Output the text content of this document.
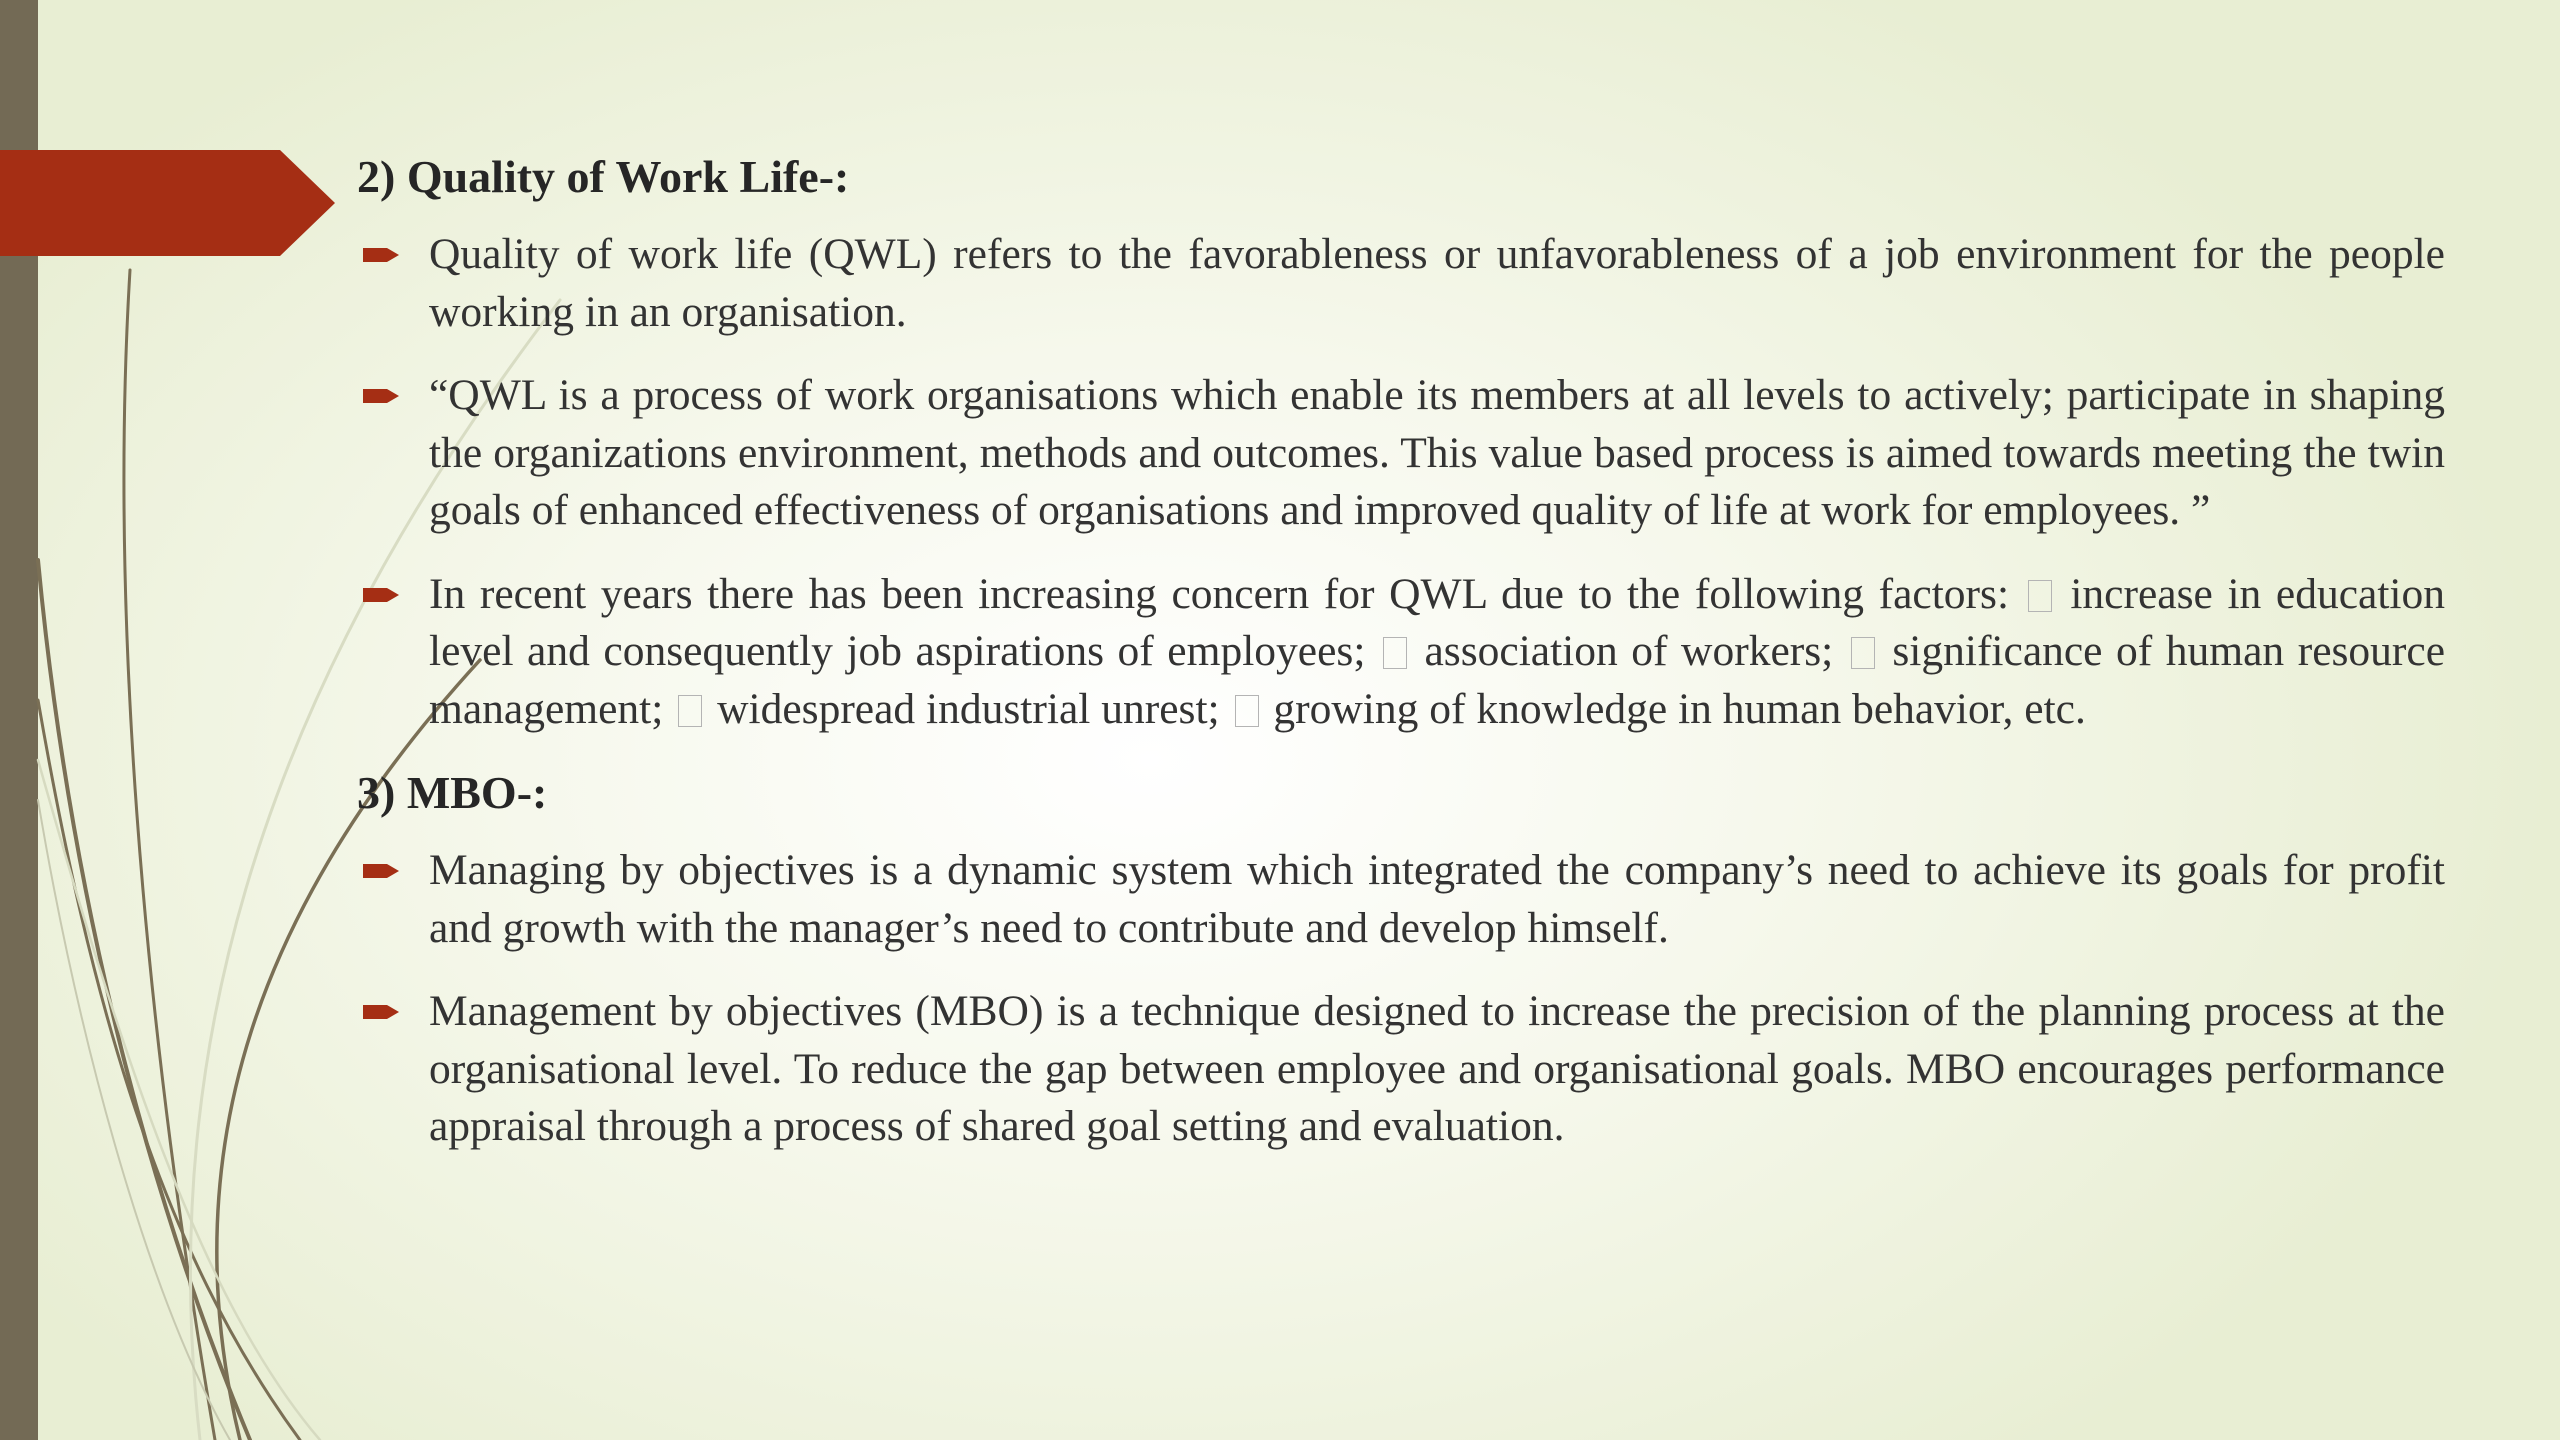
2) Quality of Work Life-:
Quality of work life (QWL) refers to the favorableness or unfavorableness of a job environment for the people working in an organisation.
“QWL is a process of work organisations which enable its members at all levels to actively; participate in shaping the organizations environment, methods and outcomes. This value based process is aimed towards meeting the twin goals of enhanced effectiveness of organisations and improved quality of life at work for employees. ”
In recent years there has been increasing concern for QWL due to the following factors: increase in education level and consequently job aspirations of employees; association of workers; significance of human resource management; widespread industrial unrest; growing of knowledge in human behavior, etc.
3) MBO-:
Managing by objectives is a dynamic system which integrated the company’s need to achieve its goals for profit and growth with the manager’s need to contribute and develop himself.
Management by objectives (MBO) is a technique designed to increase the precision of the planning process at the organisational level. To reduce the gap between employee and organisational goals. MBO encourages performance appraisal through a process of shared goal setting and evaluation.
